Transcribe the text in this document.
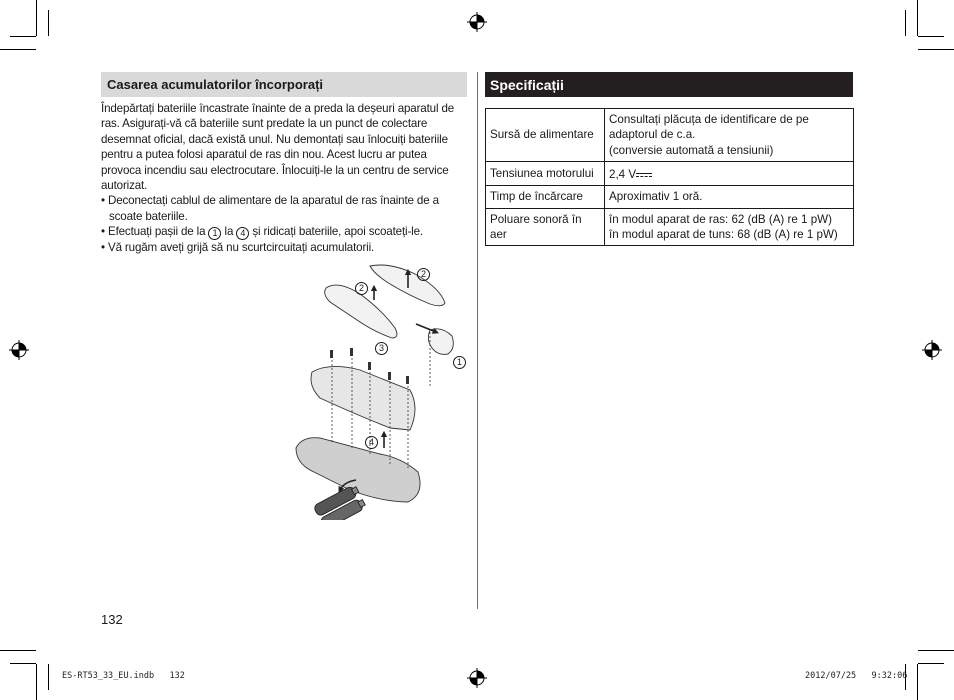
Casarea acumulatorilor încorporați

Îndepărtați bateriile încastrate înainte de a preda la deșeuri aparatul de ras. Asigurați-vă că bateriile sunt predate la un punct de colectare desemnat oficial, dacă există unul. Nu demontați sau înlocuiți bateriile pentru a putea folosi aparatul de ras din nou. Acest lucru ar putea provoca incendiu sau electrocutare. Înlocuiți-le la un centru de service autorizat.

• Deconectați cablul de alimentare de la aparatul de ras înainte de a scoate bateriile.

• Efectuați pașii de la 1 la 4 și ridicați bateriile, apoi scoateți-le.

• Vă rugăm aveți grijă să nu scurtcircuitați acumulatorii.

2
2
3
1
4
Specificații
Sursă de alimentare	Consultați plăcuța de identificare de pe adaptorul de c.a.
(conversie automată a tensiunii)

Tensiunea motorului	2,4 V
Timp de încărcare	Aproximativ 1 oră.
Poluare sonoră în aer	în modul aparat de ras: 62 (dB (A) re 1 pW)
în modul aparat de tuns: 68 (dB (A) re 1 pW)
132
ES-RT53_33_EU.indb   132	2012/07/25   9:32:06
